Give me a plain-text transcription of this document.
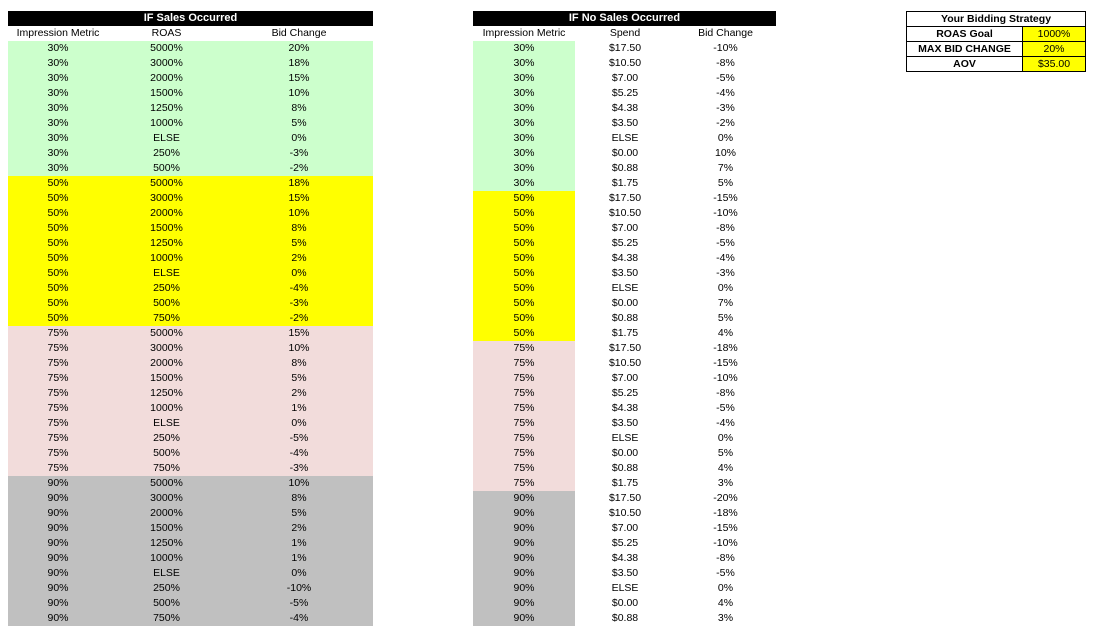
IF Sales Occurred
Impression Metric	ROAS	Bid Change
30%	5000%	20%
30%	3000%	18%
30%	2000%	15%
30%	1500%	10%
30%	1250%	8%
30%	1000%	5%
30%	ELSE	0%
30%	250%	-3%
30%	500%	-2%
50%	5000%	18%
50%	3000%	15%
50%	2000%	10%
50%	1500%	8%
50%	1250%	5%
50%	1000%	2%
50%	ELSE	0%
50%	250%	-4%
50%	500%	-3%
50%	750%	-2%
75%	5000%	15%
75%	3000%	10%
75%	2000%	8%
75%	1500%	5%
75%	1250%	2%
75%	1000%	1%
75%	ELSE	0%
75%	250%	-5%
75%	500%	-4%
75%	750%	-3%
90%	5000%	10%
90%	3000%	8%
90%	2000%	5%
90%	1500%	2%
90%	1250%	1%
90%	1000%	1%
90%	ELSE	0%
90%	250%	-10%
90%	500%	-5%
90%	750%	-4%
IF No Sales Occurred
Impression Metric	Spend	Bid Change
30%	$17.50	-10%
30%	$10.50	-8%
30%	$7.00	-5%
30%	$5.25	-4%
30%	$4.38	-3%
30%	$3.50	-2%
30%	ELSE	0%
30%	$0.00	10%
30%	$0.88	7%
30%	$1.75	5%
50%	$17.50	-15%
50%	$10.50	-10%
50%	$7.00	-8%
50%	$5.25	-5%
50%	$4.38	-4%
50%	$3.50	-3%
50%	ELSE	0%
50%	$0.00	7%
50%	$0.88	5%
50%	$1.75	4%
75%	$17.50	-18%
75%	$10.50	-15%
75%	$7.00	-10%
75%	$5.25	-8%
75%	$4.38	-5%
75%	$3.50	-4%
75%	ELSE	0%
75%	$0.00	5%
75%	$0.88	4%
75%	$1.75	3%
90%	$17.50	-20%
90%	$10.50	-18%
90%	$7.00	-15%
90%	$5.25	-10%
90%	$4.38	-8%
90%	$3.50	-5%
90%	ELSE	0%
90%	$0.00	4%
90%	$0.88	3%
Your Bidding Strategy
ROAS Goal	1000%
MAX BID CHANGE	20%
AOV	$35.00
